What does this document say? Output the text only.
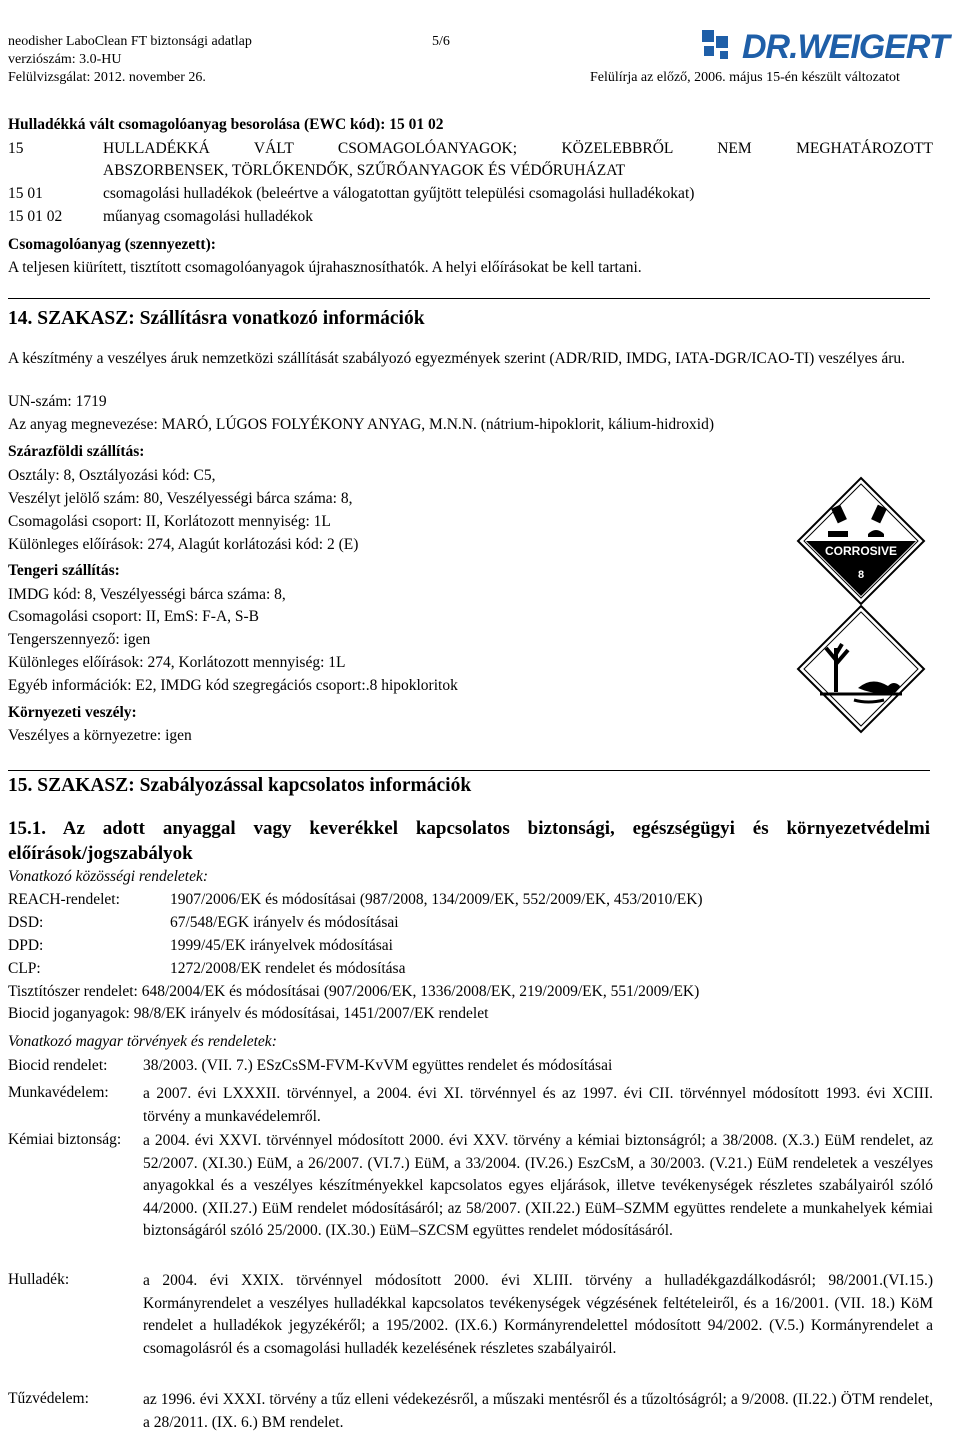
neodisher LaboClean FT biztonsági adatlap	5/6
verziószám: 3.0-HU
Felülvizsgálat: 2012. november 26.	Felülírja az előző, 2006. május 15-én készült változatot
DR.WEIGERT
Hulladékká vált csomagolóanyag besorolása (EWC kód): 15 01 02
15	HULLADÉKKÁ VÁLT CSOMAGOLÓANYAGOK; KÖZELEBBRŐL NEM MEGHATÁROZOTT
ABSZORBENSEK, TÖRLŐKENDŐK, SZŰRŐANYAGOK ÉS VÉDŐRUHÁZAT
15 01	csomagolási hulladékok (beleértve a válogatottan gyűjtött települési csomagolási hulladékokat)
15 01 02	műanyag csomagolási hulladékok
Csomagolóanyag (szennyezett):
A teljesen kiürített, tisztított csomagolóanyagok újrahasznosíthatók. A helyi előírásokat be kell tartani.
14. SZAKASZ: Szállításra vonatkozó információk
A készítmény a veszélyes áruk nemzetközi szállítását szabályozó egyezmények szerint (ADR/RID, IMDG, IATA-DGR/ICAO-TI) veszélyes áru.
UN-szám: 1719
Az anyag megnevezése: MARÓ, LÚGOS FOLYÉKONY ANYAG, M.N.N. (nátrium-hipoklorit, kálium-hidroxid)
Szárazföldi szállítás:
Osztály: 8, Osztályozási kód: C5,
Veszélyt jelölő szám: 80, Veszélyességi bárca száma: 8,
Csomagolási csoport: II, Korlátozott mennyiség: 1L
Különleges előírások: 274, Alagút korlátozási kód: 2 (E)
Tengeri szállítás:
IMDG kód: 8, Veszélyességi bárca száma: 8,
Csomagolási csoport: II, EmS: F-A, S-B
Tengerszennyező: igen
Különleges előírások: 274, Korlátozott mennyiség: 1L
Egyéb információk: E2, IMDG kód szegregációs csoport:.8 hipokloritok
Környezeti veszély:
Veszélyes a környezetre: igen
CORROSIVE
8
15. SZAKASZ: Szabályozással kapcsolatos információk
15.1. Az adott anyaggal vagy keverékkel kapcsolatos biztonsági, egészségügyi és környezetvédelmi előírások/jogszabályok
Vonatkozó közösségi rendeletek:
REACH-rendelet:	1907/2006/EK és módosításai (987/2008, 134/2009/EK, 552/2009/EK, 453/2010/EK)
DSD:	67/548/EGK irányelv és módosításai
DPD:	1999/45/EK irányelvek módosításai
CLP:	1272/2008/EK rendelet és módosítása
Tisztítószer rendelet: 648/2004/EK és módosításai (907/2006/EK, 1336/2008/EK, 219/2009/EK, 551/2009/EK)
Biocid joganyagok: 98/8/EK irányelv és módosításai, 1451/2007/EK rendelet
Vonatkozó magyar törvények és rendeletek:
Biocid rendelet: 38/2003. (VII. 7.) ESzCsSM-FVM-KvVM együttes rendelet és módosításai
Munkavédelem: a 2007. évi LXXXII. törvénnyel, a 2004. évi XI. törvénnyel és az 1997. évi CII. törvénnyel módosított 1993. évi XCIII. törvény a munkavédelemről.
Kémiai biztonság: a 2004. évi XXVI. törvénnyel módosított 2000. évi XXV. törvény a kémiai biztonságról; a 38/2008. (X.3.) EüM rendelet, az 52/2007. (XI.30.) EüM, a 26/2007. (VI.7.) EüM, a 33/2004. (IV.26.) EszCsM, a 30/2003. (V.21.) EüM rendeletek a veszélyes anyagokkal és a veszélyes készítményekkel kapcsolatos egyes eljárások, illetve tevékenységek részletes szabályairól szóló 44/2000. (XII.27.) EüM rendelet módosításáról; az 58/2007. (XII.22.) EüM–SZMM együttes rendelete a munkahelyek kémiai biztonságáról szóló 25/2000. (IX.30.) EüM–SZCSM együttes rendelet módosításáról.
Hulladék:	a 2004. évi XXIX. törvénnyel módosított 2000. évi XLIII. törvény a hulladékgazdálkodásról; 98/2001.(VI.15.) Kormányrendelet a veszélyes hulladékkal kapcsolatos tevékenységek végzésének feltételeiről, és a 16/2001. (VII. 18.) KöM rendelet a hulladékok jegyzékéről; a 195/2002. (IX.6.) Kormányrendelettel módosított 94/2002. (V.5.) Kormányrendelet a csomagolásról és a csomagolási hulladék kezelésének részletes szabályairól.
Tűzvédelem:	az 1996. évi XXXI. törvény a tűz elleni védekezésről, a műszaki mentésről és a tűzoltóságról; a 9/2008. (II.22.) ÖTM rendelet, a 28/2011. (IX. 6.) BM rendelet.
